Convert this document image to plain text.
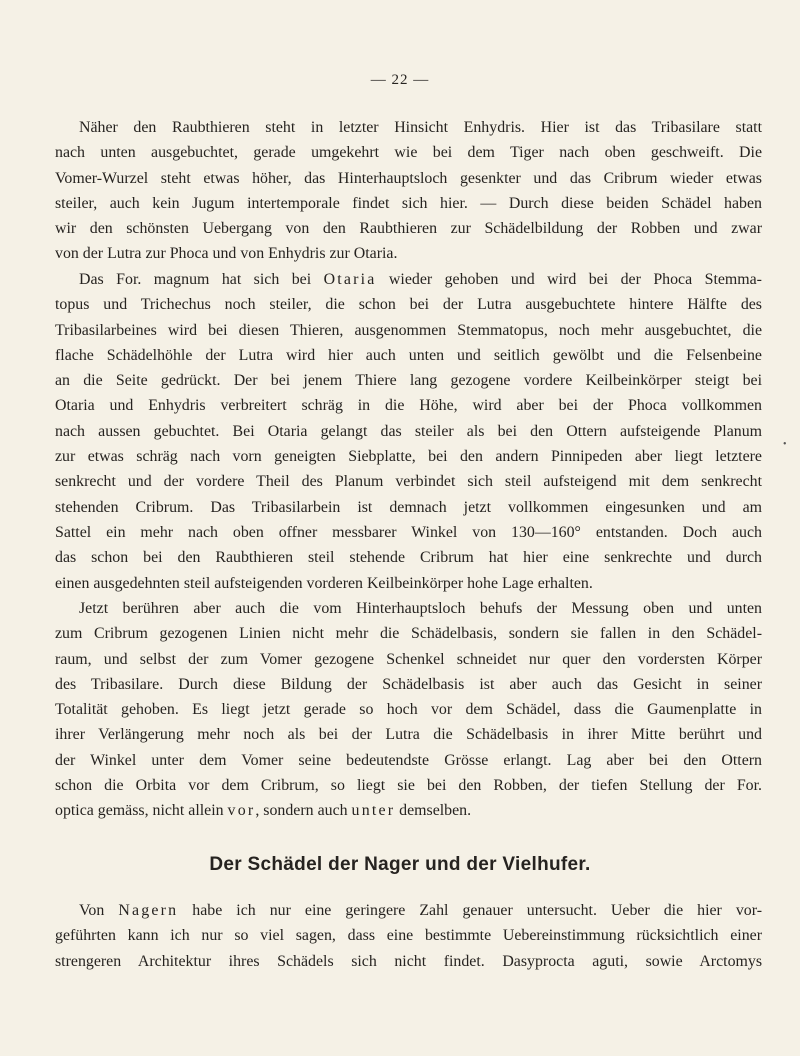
— 22 —
Näher den Raubthieren steht in letzter Hinsicht Enhydris. Hier ist das Tribasilare statt
nach unten ausgebuchtet, gerade umgekehrt wie bei dem Tiger nach oben geschweift. Die
Vomer-Wurzel steht etwas höher, das Hinterhauptsloch gesenkter und das Cribrum wieder etwas
steiler, auch kein Jugum intertemporale findet sich hier. — Durch diese beiden Schädel haben
wir den schönsten Uebergang von den Raubthieren zur Schädelbildung der Robben und zwar
von der Lutra zur Phoca und von Enhydris zur Otaria.
Das For. magnum hat sich bei Otaria wieder gehoben und wird bei der Phoca Stemma-
topus und Trichechus noch steiler, die schon bei der Lutra ausgebuchtete hintere Hälfte des
Tribasilarbeines wird bei diesen Thieren, ausgenommen Stemmatopus, noch mehr ausgebuchtet, die
flache Schädelhöhle der Lutra wird hier auch unten und seitlich gewölbt und die Felsenbeine
an die Seite gedrückt. Der bei jenem Thiere lang gezogene vordere Keilbeinkörper steigt bei
Otaria und Enhydris verbreitert schräg in die Höhe, wird aber bei der Phoca vollkommen
nach aussen gebuchtet. Bei Otaria gelangt das steiler als bei den Ottern aufsteigende Planum
zur etwas schräg nach vorn geneigten Siebplatte, bei den andern Pinnipeden aber liegt letztere
senkrecht und der vordere Theil des Planum verbindet sich steil aufsteigend mit dem senkrecht
stehenden Cribrum. Das Tribasilarbein ist demnach jetzt vollkommen eingesunken und am
Sattel ein mehr nach oben offner messbarer Winkel von 130—160° entstanden. Doch auch
das schon bei den Raubthieren steil stehende Cribrum hat hier eine senkrechte und durch
einen ausgedehnten steil aufsteigenden vorderen Keilbeinkörper hohe Lage erhalten.
Jetzt berühren aber auch die vom Hinterhauptsloch behufs der Messung oben und unten
zum Cribrum gezogenen Linien nicht mehr die Schädelbasis, sondern sie fallen in den Schädel-
raum, und selbst der zum Vomer gezogene Schenkel schneidet nur quer den vordersten Körper
des Tribasilare. Durch diese Bildung der Schädelbasis ist aber auch das Gesicht in seiner
Totalität gehoben. Es liegt jetzt gerade so hoch vor dem Schädel, dass die Gaumenplatte in
ihrer Verlängerung mehr noch als bei der Lutra die Schädelbasis in ihrer Mitte berührt und
der Winkel unter dem Vomer seine bedeutendste Grösse erlangt. Lag aber bei den Ottern
schon die Orbita vor dem Cribrum, so liegt sie bei den Robben, der tiefen Stellung der For.
optica gemäss, nicht allein vor, sondern auch unter demselben.
Der Schädel der Nager und der Vielhufer.
Von Nagern habe ich nur eine geringere Zahl genauer untersucht. Ueber die hier vor-
geführten kann ich nur so viel sagen, dass eine bestimmte Uebereinstimmung rücksichtlich einer
strengeren Architektur ihres Schädels sich nicht findet. Dasyprocta aguti, sowie Arctomys
•
